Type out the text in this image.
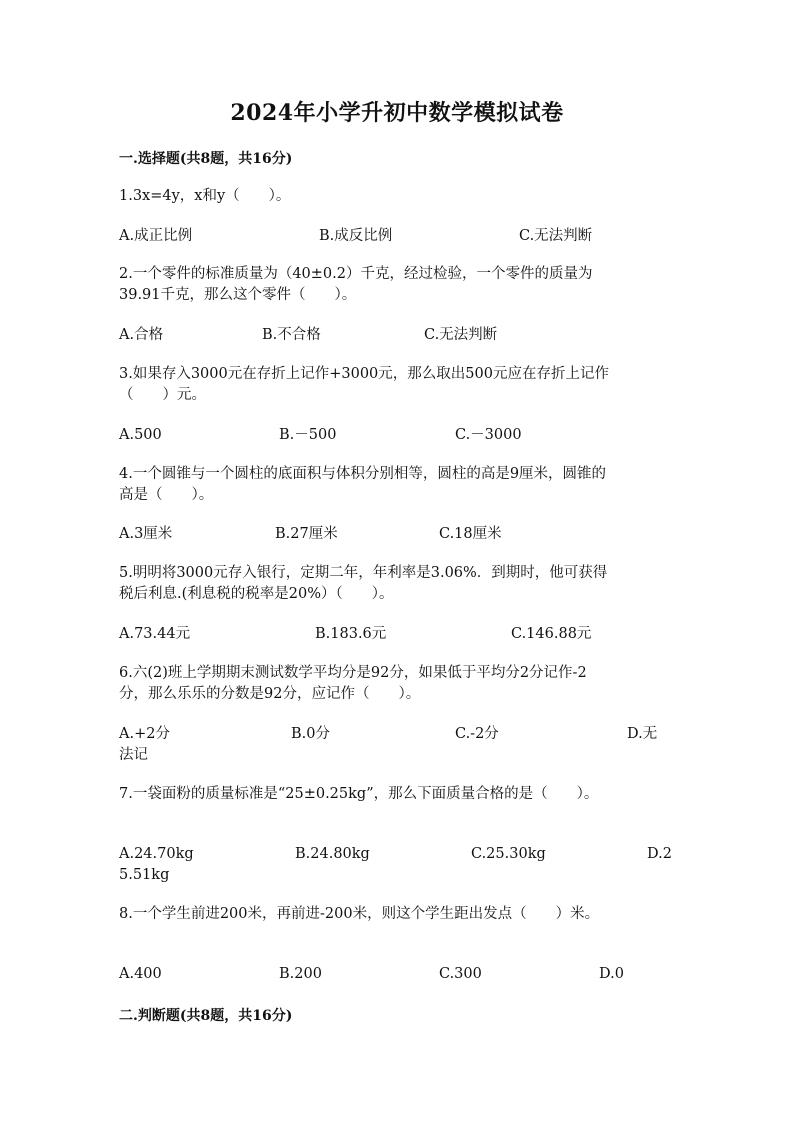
2024年小学升初中数学模拟试卷
一.选择题(共8题，共16分)
1.3x=4y，x和y（　　）。
A.成正比例	B.成反比例	C.无法判断
2.一个零件的标准质量为（40±0.2）千克，经过检验，一个零件的质量为
39.91千克，那么这个零件（　　）。
A.合格	B.不合格	C.无法判断
3.如果存入3000元在存折上记作+3000元，那么取出500元应在存折上记作
（　　）元。
A.500	B.－500	C.－3000
4.一个圆锥与一个圆柱的底面积与体积分别相等，圆柱的高是9厘米，圆锥的
高是（　　）。
A.3厘米	B.27厘米	C.18厘米
5.明明将3000元存入银行，定期二年，年利率是3.06%．到期时，他可获得
税后利息.(利息税的税率是20%）（　　）。
A.73.44元	B.183.6元	C.146.88元
6.六(2)班上学期期末测试数学平均分是92分，如果低于平均分2分记作-2
分，那么乐乐的分数是92分，应记作（　　）。
A.+2分	B.0分	C.-2分	D.无
法记
7.一袋面粉的质量标准是“25±0.25kg”，那么下面质量合格的是（　　）。
A.24.70kg	B.24.80kg	C.25.30kg	D.2
5.51kg
8.一个学生前进200米，再前进-200米，则这个学生距出发点（　　）米。
A.400	B.200	C.300	D.0
二.判断题(共8题，共16分)
